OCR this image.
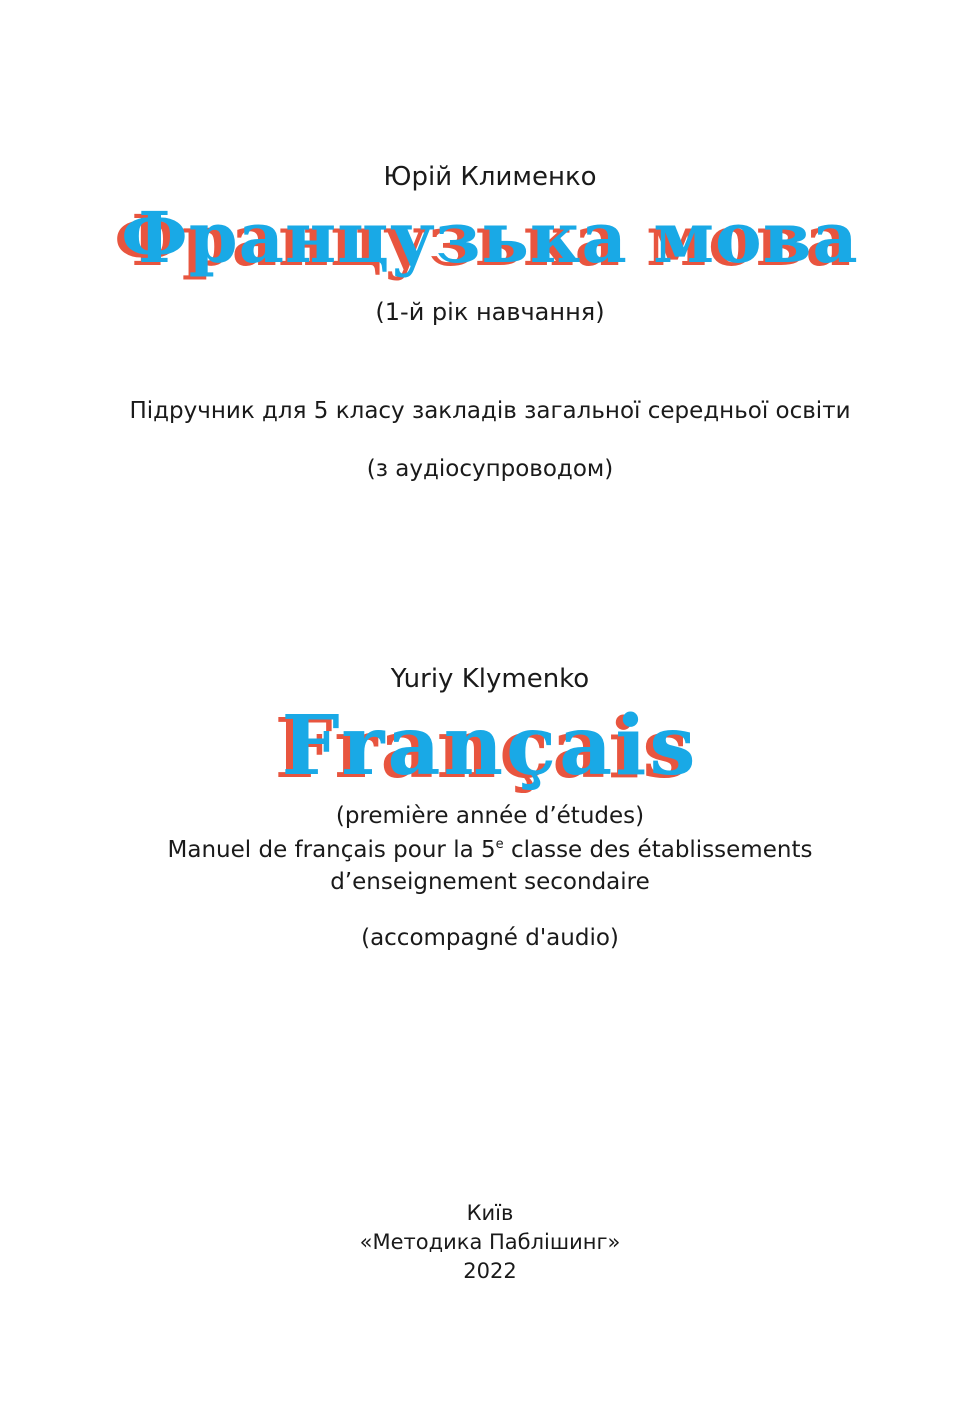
Юрій Клименко
Французька мова
(1-й рік навчання)
Підручник для 5 класу закладів загальної середньої освіти
(з аудіосупроводом)
Yuriy Klymenko
Français
(première année d’études)
Manuel de français pour la 5e classe des établissements
d’enseignement secondaire
(accompagné d'audio)
Київ
«Методика Паблішинг»
2022
